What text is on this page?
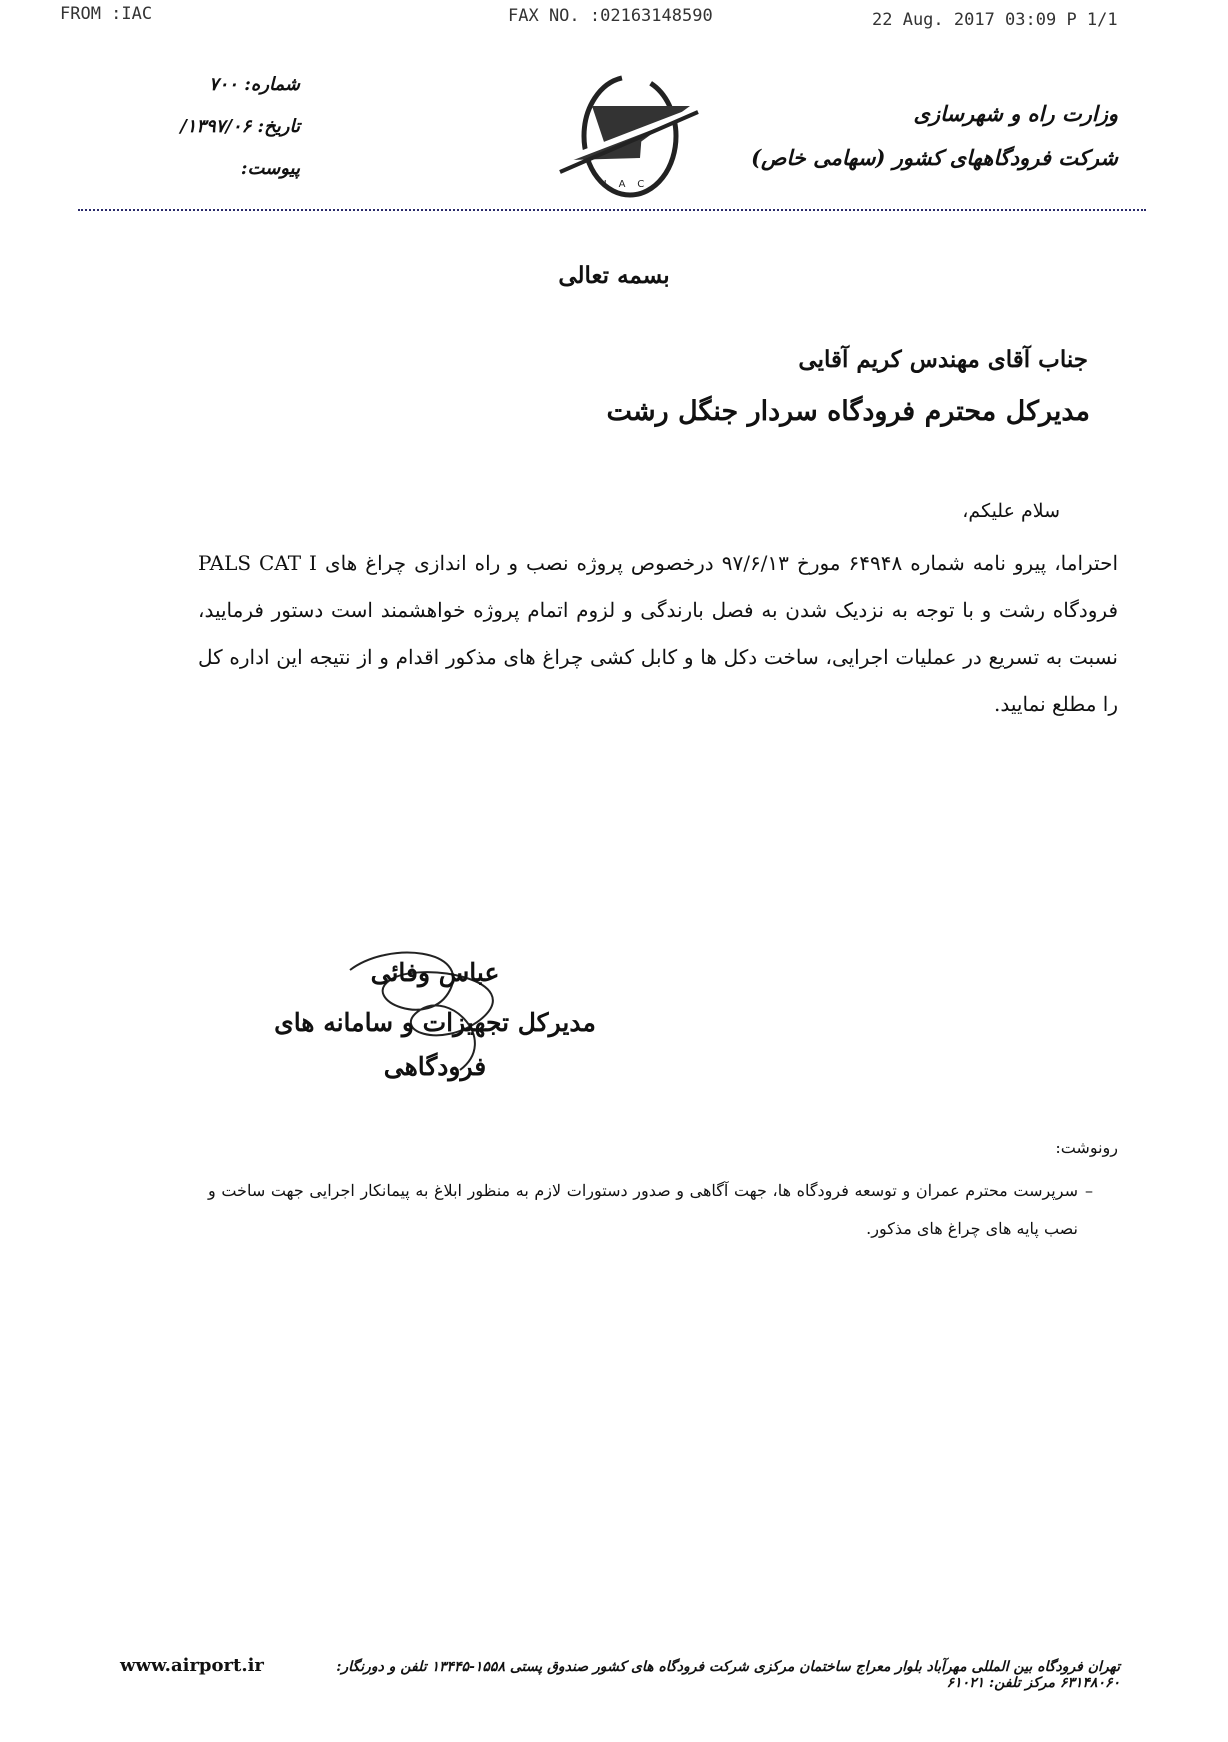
FROM :IAC	FAX NO. :02163148590	22 Aug. 2017 03:09 P 1/1
وزارت راه و شهرسازی
شرکت فرودگاههای کشور (سهامی خاص)
شماره: ۷۰۰
تاریخ: ۱۳۹۷/۰۶/
پیوست:
IAC
بسمه تعالی
جناب آقای مهندس کریم آقایی
مدیرکل محترم فرودگاه سردار جنگل رشت
سلام علیکم،
احتراما، پیرو نامه شماره ۶۴۹۴۸ مورخ ۹۷/۶/۱۳ درخصوص پروژه نصب و راه اندازی چراغ های PALS CAT I فرودگاه رشت و با توجه به نزدیک شدن به فصل بارندگی و لزوم اتمام پروژه خواهشمند است دستور فرمایید، نسبت به تسریع در عملیات اجرایی، ساخت دکل ها و کابل کشی چراغ های مذکور اقدام و از نتیجه این اداره کل را مطلع نمایید.
عباس وفائی
مدیرکل تجهیزات و سامانه های فرودگاهی
رونوشت:
–
سرپرست محترم عمران و توسعه فرودگاه ها، جهت آگاهی و صدور دستورات لازم به منظور ابلاغ به پیمانکار اجرایی جهت ساخت و نصب پایه های چراغ های مذکور.
www.airport.ir	تهران فرودگاه بین المللی مهرآباد بلوار معراج ساختمان مرکزی شرکت فرودگاه های کشور صندوق پستی ۱۵۵۸-۱۳۴۴۵ تلفن و دورنگار: ۶۳۱۴۸۰۶۰ مرکز تلفن: ۶۱۰۲۱
